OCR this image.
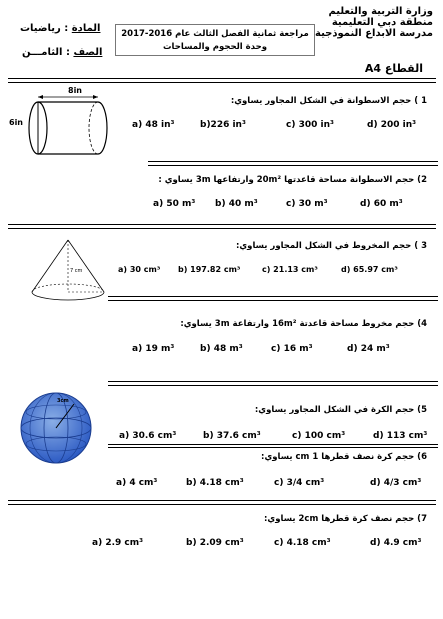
وزارة التربية والتعليم
منطقة دبي التعليمية
مدرسة الابداع النموذجية
مراجعة ثمانية الفصل الثالث عام 2016-2017
وحدة الحجوم والمساحات
المادة : رياضيات
الصف : الثامـــن
القطاع A4
8in
6in
1 ) حجم الاسطوانة في الشكل المجاور يساوي:
a) 48 in³	b)226 in³	c) 300 in³	d) 200 in³
2) حجم الاسطوانة مساحة قاعدتها 20m² وارتفاعها 3m يساوي :
a) 50 m³ b) 40 m³	c) 30 m³	d) 60 m³
7 cm
3 ) حجم المخروط في الشكل المجاور يساوي:
a) 30 cm³ b) 197.82 cm³	c) 21.13 cm³	d) 65.97 cm³
4) حجم مخروط مساحة قاعدتة 16m² وارتفاعة 3m يساوي:
a) 19 m³	b) 48 m³	c) 16 m³	d) 24 m³
3cm
5) حجم الكرة في الشكل المجاور يساوي:
a) 30.6 cm³	b) 37.6 cm³	c) 100 cm³	d) 113 cm³
6) حجم كرة نصف قطرها 1 cm يساوي:
a) 4 cm³	b) 4.18 cm³	c) 3/4 cm³	d) 4/3 cm³
7) حجم نصف كرة قطرها 2cm يساوي:
a) 2.9 cm³	b) 2.09 cm³	c) 4.18 cm³	d) 4.9 cm³
